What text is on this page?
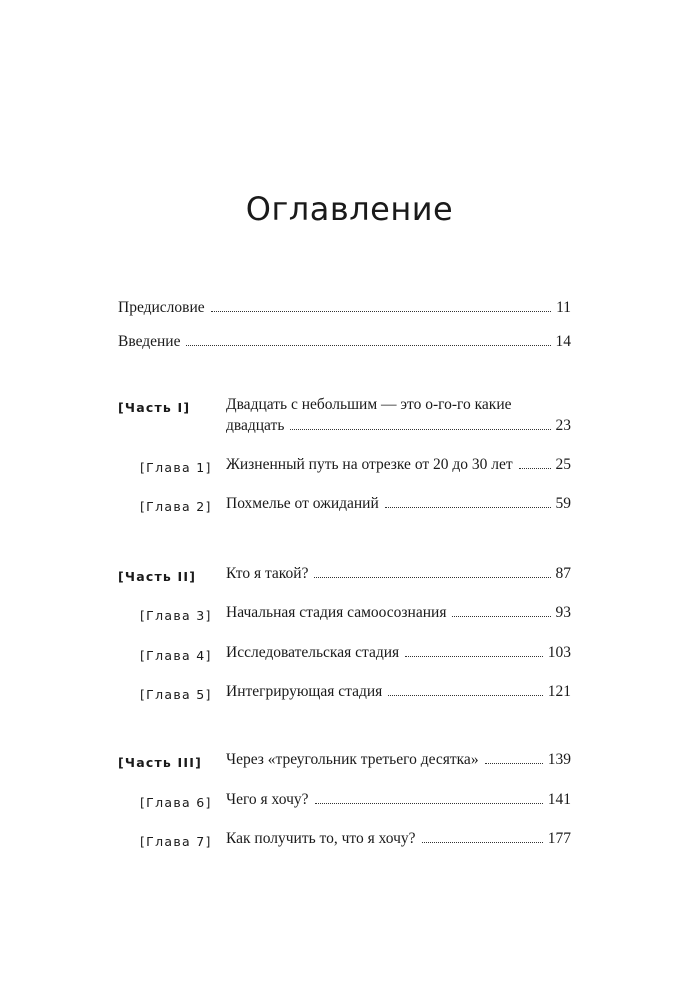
Оглавление
Предисловие	11
Введение	14
[Часть I] Двадцать с небольшим — это о-го-го какие
двадцать	23
[Глава 1] Жизненный путь на отрезке от 20 до 30 лет	25
[Глава 2] Похмелье от ожиданий	59
[Часть II] Кто я такой?	87
[Глава 3] Начальная стадия самоосознания	93
[Глава 4] Исследовательская стадия	103
[Глава 5] Интегрирующая стадия	121
[Часть III] Через «треугольник третьего десятка»	139
[Глава 6] Чего я хочу?	141
[Глава 7] Как получить то, что я хочу?	177
